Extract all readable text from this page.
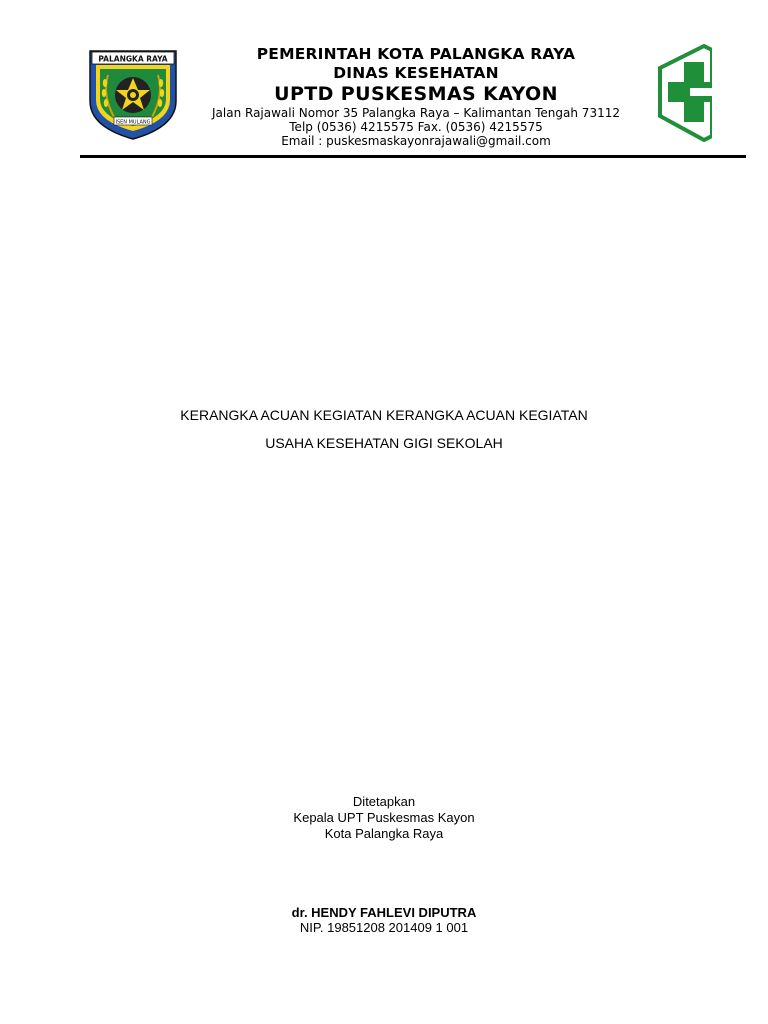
PALANGKA RAYA
ISEN MULANG
PEMERINTAH KOTA PALANGKA RAYA
DINAS KESEHATAN
UPTD PUSKESMAS KAYON
Jalan Rajawali Nomor 35 Palangka Raya – Kalimantan Tengah 73112
Telp (0536) 4215575 Fax. (0536) 4215575
Email : puskesmaskayonrajawali@gmail.com
KERANGKA ACUAN KEGIATAN KERANGKA ACUAN KEGIATAN
USAHA KESEHATAN GIGI SEKOLAH
Ditetapkan
Kepala UPT Puskesmas Kayon
Kota Palangka Raya
dr. HENDY FAHLEVI DIPUTRA
NIP. 19851208 201409 1 001
